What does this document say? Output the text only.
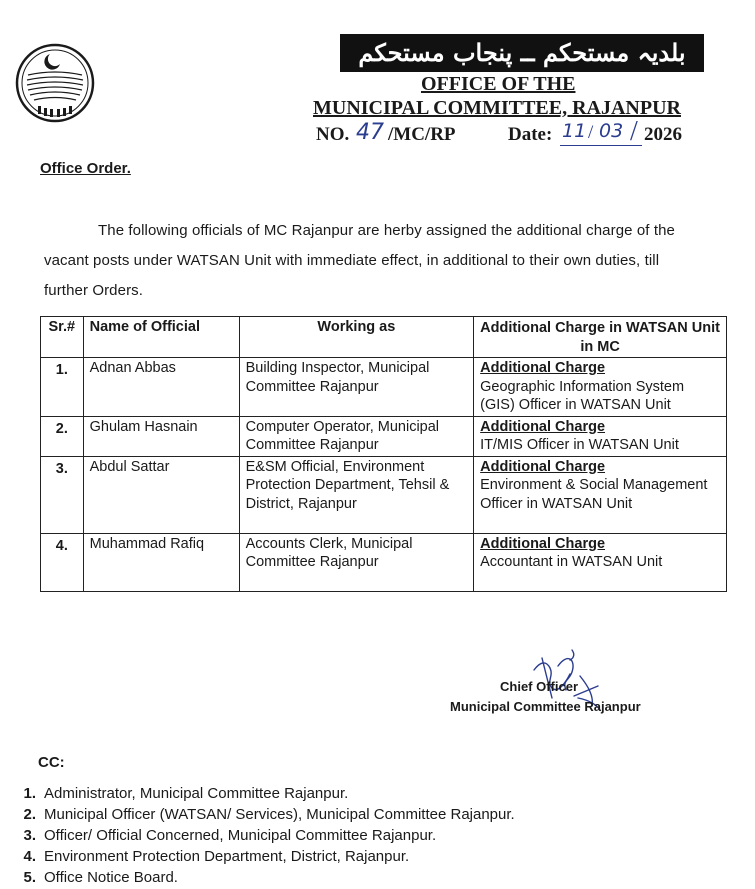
بلدیہ مستحکم ــ پنجاب مستحکم
OFFICE OF THE
MUNICIPAL COMMITTEE, RAJANPUR
NO. 47 /MC/RP	Date: 11 / 03 / 2026
Office Order.
The following officials of MC Rajanpur are herby assigned the additional charge of the vacant posts under WATSAN Unit with immediate effect, in additional to their own duties, till further Orders.
Sr.#	Name of Official	Working as	Additional Charge in WATSAN Unit in MC
1.	Adnan Abbas	Building Inspector, Municipal Committee Rajanpur	Additional Charge
Geographic Information System (GIS) Officer in WATSAN Unit
2.	Ghulam Hasnain	Computer Operator, Municipal Committee Rajanpur	Additional Charge
IT/MIS Officer in WATSAN Unit
3.	Abdul Sattar	E&SM Official, Environment Protection Department, Tehsil & District, Rajanpur	Additional Charge
Environment & Social Management Officer in WATSAN Unit
4.	Muhammad Rafiq	Accounts Clerk, Municipal Committee Rajanpur	Additional Charge
Accountant in WATSAN Unit
Chief Officer
Municipal Committee Rajanpur
CC:
1. Administrator, Municipal Committee Rajanpur.
2. Municipal Officer (WATSAN/ Services), Municipal Committee Rajanpur.
3. Officer/ Official Concerned, Municipal Committee Rajanpur.
4. Environment Protection Department, District, Rajanpur.
5. Office Notice Board.
